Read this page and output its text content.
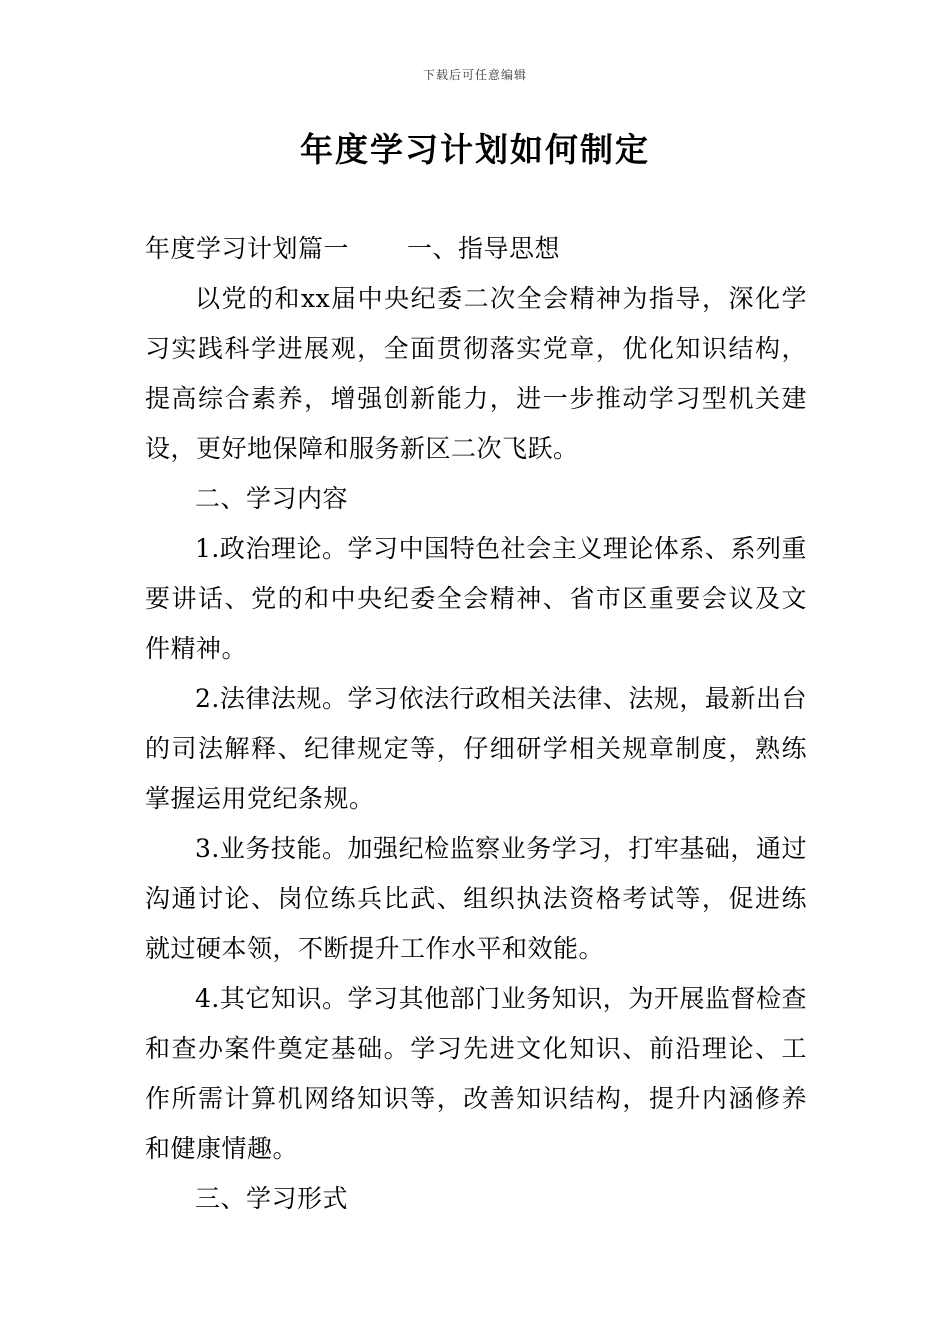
下载后可任意编辑
年度学习计划如何制定

年度学习计划篇一 一、指导思想

以党的和xx届中央纪委二次全会精神为指导，深化学习实践科学进展观，全面贯彻落实党章，优化知识结构，提高综合素养，增强创新能力，进一步推动学习型机关建设，更好地保障和服务新区二次飞跃。

二、学习内容

1.政治理论。学习中国特色社会主义理论体系、系列重要讲话、党的和中央纪委全会精神、省市区重要会议及文件精神。

2.法律法规。学习依法行政相关法律、法规，最新出台的司法解释、纪律规定等，仔细研学相关规章制度，熟练掌握运用党纪条规。

3.业务技能。加强纪检监察业务学习，打牢基础，通过沟通讨论、岗位练兵比武、组织执法资格考试等，促进练就过硬本领，不断提升工作水平和效能。

4.其它知识。学习其他部门业务知识，为开展监督检查和查办案件奠定基础。学习先进文化知识、前沿理论、工作所需计算机网络知识等，改善知识结构，提升内涵修养和健康情趣。

三、学习形式
